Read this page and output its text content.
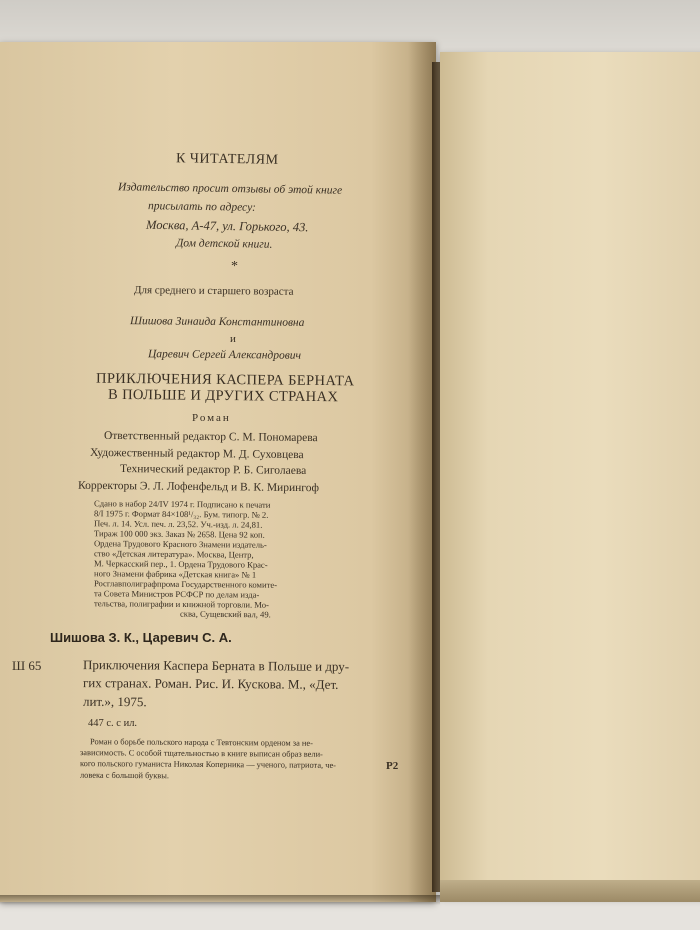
К ЧИТАТЕЛЯМ
Издательство просит отзывы об этой книге
присылать по адресу:
Москва, А-47, ул. Горького, 43.
Дом детской книги.
*
Для среднего и старшего возраста
Шишова Зинаида Константиновна
и
Царевич Сергей Александрович
ПРИКЛЮЧЕНИЯ КАСПЕРА БЕРНАТА
В ПОЛЬШЕ И ДРУГИХ СТРАНАХ
Роман
Ответственный редактор С. М. Пономарева
Художественный редактор М. Д. Суховцева
Технический редактор Р. Б. Сиголаева
Корректоры Э. Л. Лофенфельд и В. К. Мирингоф
Сдано в набор 24/IV 1974 г. Подписано к печати
8/I 1975 г. Формат 84×108¹/₃₂. Бум. типогр. № 2.
Печ. л. 14. Усл. печ. л. 23,52. Уч.-изд. л. 24,81.
Тираж 100 000 экз. Заказ № 2658. Цена 92 коп.
Ордена Трудового Красного Знамени издатель-
ство «Детская литература». Москва, Центр,
М. Черкасский пер., 1. Ордена Трудового Крас-
ного Знамени фабрика «Детская книга» № 1
Росглавполиграфпрома Государственного комите-
та Совета Министров РСФСР по делам изда-
тельства, полиграфии и книжной торговли. Мо-
сква, Сущевский вал, 49.
Шишова З. К., Царевич С. А.
Ш 65	Приключения Каспера Берната в Польше и дру-
гих странах. Роман. Рис. И. Кускова. М., «Дет.
лит.», 1975.
447 с. с ил.
Роман о борьбе польского народа с Тевтонским орденом за не-
зависимость. С особой тщательностью в книге выписан образ вели-
кого польского гуманиста Николая Коперника — ученого, патриота, че-
ловека с большой буквы.
Р2
